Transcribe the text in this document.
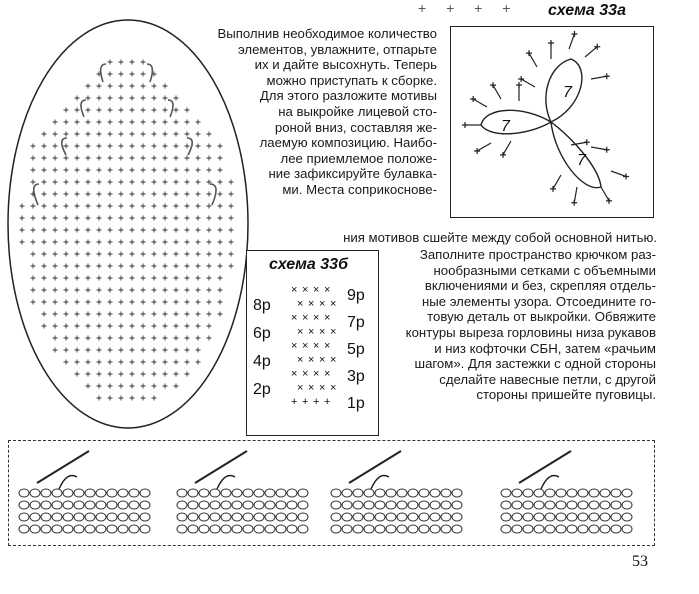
+ + + +
Выполнив необходимое количество
элементов, увлажните, отпарьте
их и дайте высохнуть. Теперь
можно приступать к сборке.
Для этого разложите мотивы
на выкройке лицевой сто-
роной вниз, составляя же-
лаемую композицию. Наибо-
лее приемлемое положе-
ние зафиксируйте булавка-
ми. Места соприкоснове-
ния мотивов сшейте между собой основной нитью.
схема 33а
7
7
7
схема 33б
8р
6р
4р
2р
9р
7р
5р
3р
1р
× × × ×
× × × ×
× × × ×
× × × ×
× × × ×
× × × ×
× × × ×
× × × ×
+ + + +
Заполните пространство крючком раз-
нообразными сетками с объемными
включениями и без, скрепляя отдель-
ные элементы узора. Отсоедините го-
товую деталь от выкройки. Обвяжите
контуры выреза горловины низа рукавов
и низ кофточки СБН, затем «рачьим
шагом». Для застежки с одной стороны
сделайте навесные петли, с другой
стороны пришейте пуговицы.
53
